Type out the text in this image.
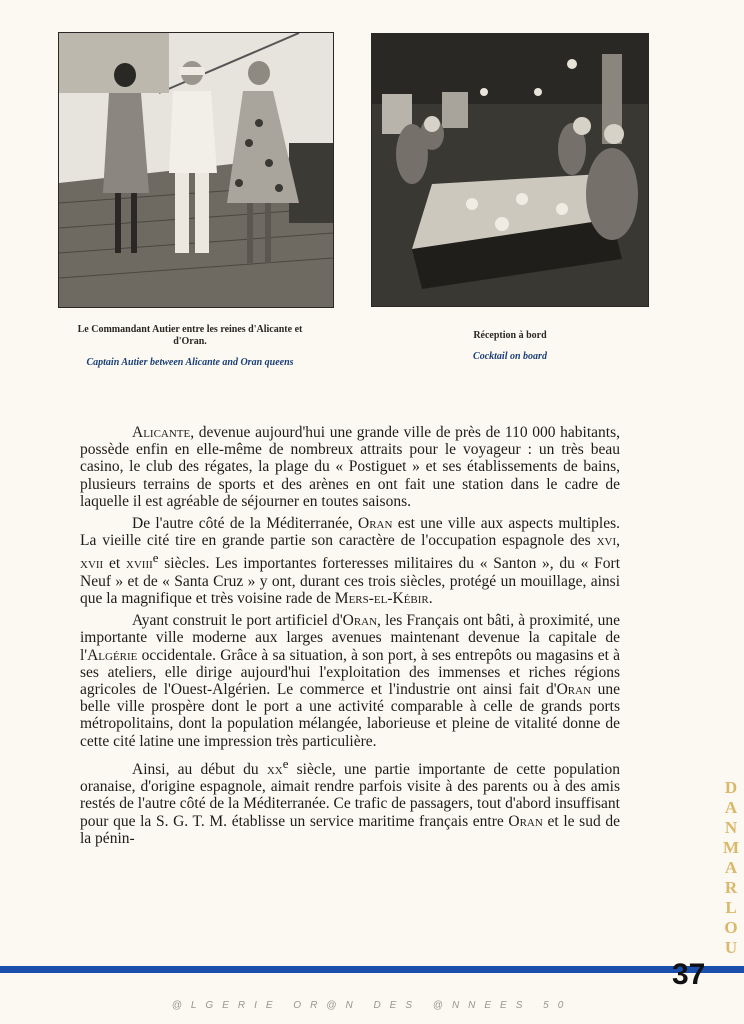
Le Commandant Autier entre les reines d'Alicante et d'Oran.
Captain Autier between Alicante and Oran queens
Réception à bord
Cocktail on board

Alicante, devenue aujourd'hui une grande ville de près de 110 000 habitants, possède enfin en elle-même de nombreux attraits pour le voyageur : un très beau casino, le club des régates, la plage du « Postiguet » et ses établissements de bains, plusieurs terrains de sports et des arènes en ont fait une station dans le cadre de laquelle il est agréable de séjourner en toutes saisons.

De l'autre côté de la Méditerranée, Oran est une ville aux aspects multiples. La vieille cité tire en grande partie son caractère de l'occupation espagnole des xvi, xvii et xviii$^e$ siècles. Les importantes forteresses militaires du « Santon », du « Fort Neuf » et de « Santa Cruz » y ont, durant ces trois siècles, protégé un mouillage, ainsi que la magnifique et très voisine rade de Mers-el-Kébir.

Ayant construit le port artificiel d'Oran, les Français ont bâti, à proximité, une importante ville moderne aux larges avenues maintenant devenue la capitale de l'Algérie occidentale. Grâce à sa situation, à son port, à ses entrepôts ou magasins et à ses ateliers, elle dirige aujourd'hui l'exploitation des immenses et riches régions agricoles de l'Ouest-Algérien. Le commerce et l'industrie ont ainsi fait d'Oran une belle ville prospère dont le port a une activité comparable à celle de grands ports métropolitains, dont la population mélangée, laborieuse et pleine de vitalité donne de cette cité latine une impression très particulière.

Ainsi, au début du $xx^e$ siècle, une partie importante de cette population oranaise, d'origine espagnole, aimait rendre parfois visite à des parents ou à des amis restés de l'autre côté de la Méditerranée. Ce trafic de passagers, tout d'abord insuffisant pour que la S. G. T. M. établisse un service maritime français entre Oran et le sud de la pénin-

37
@LGERIE OR@N DES @NNEES 50
DANMARLOU
